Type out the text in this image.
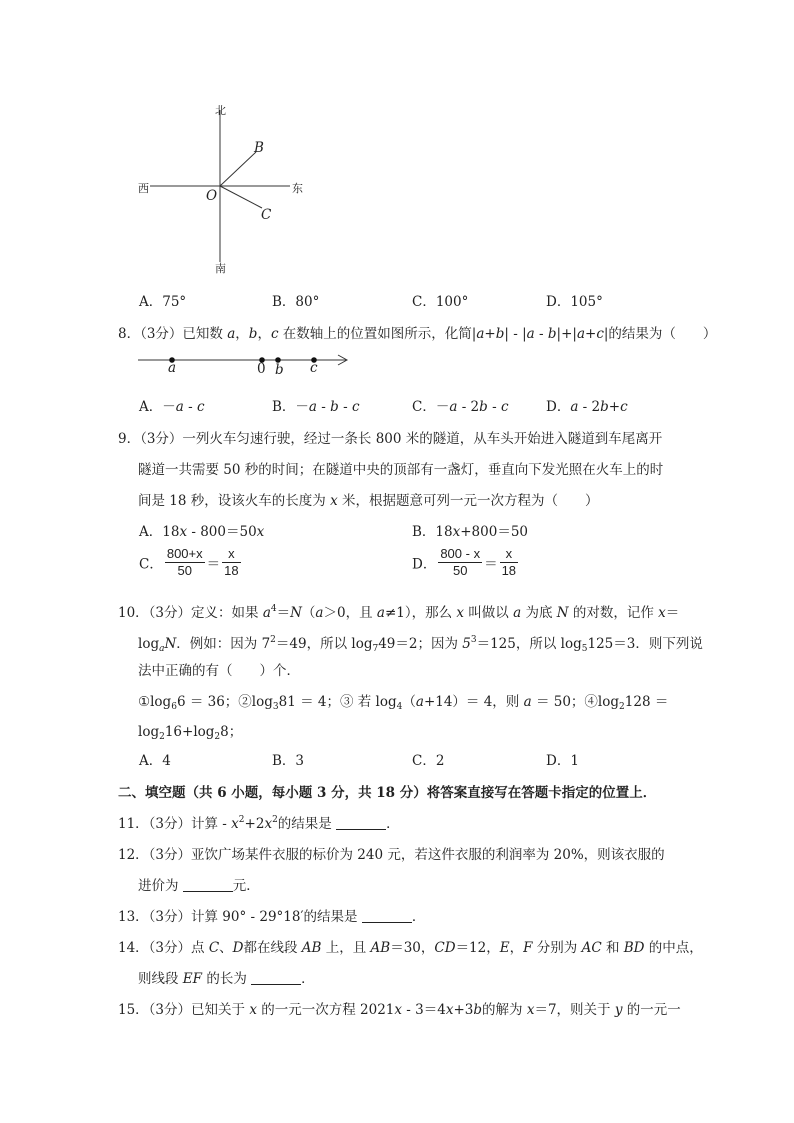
北
南
西	东
O
B
C
A．75°	B．80°	C．100°	D．105°
8．（3分）已知数 a，b，c 在数轴上的位置如图所示，化简|a+b| - |a - b|+|a+c|的结果为（　　）
a	0 b c
A．－a - c	B．－a - b - c	C．－a - 2b - c	D．a - 2b+c
9．（3分）一列火车匀速行驶，经过一条长 800 米的隧道，从车头开始进入隧道到车尾离开
隧道一共需要 50 秒的时间；在隧道中央的顶部有一盏灯，垂直向下发光照在火车上的时
间是 18 秒，设该火车的长度为 x 米，根据题意可列一元一次方程为（　　）
A．18x - 800＝50x	B．18x+800＝50
C． $\frac{800+x}{50} = \frac{x}{18}$	D． $\frac{800 - x}{50} = \frac{x}{18}$
10．（3分）定义：如果 $a^4=N(a>0$，且 a≠1），那么 x 叫做以 a 为底 N 的对数，记作 x＝
$\log_aN$．例如：因为 $7^2=49$，所以 $\log_749=2$；因为 $5^3=125$，所以 $\log_5125=3$．则下列说
法中正确的有（　　）个．
$①\log_66 = 36$；$②\log_381 = 4$；③ 若 $\log_4(a+14)= 4$，则 a ＝ 50；$④\log_2128$ ＝
$\log_216+\log_28$；
A．4	B．3	C．2	D．1
二、填空题（共 6 小题，每小题 3 分，共 18 分）将答案直接写在答题卡指定的位置上．
11．（3分）计算 - $x^2+2x^2$的结果是	．
12．（3分）亚饮广场某件衣服的标价为 240 元，若这件衣服的利润率为 20%，则该衣服的
进价为	元．
13．（3分）计算 90° - 29°18′的结果是	．
14．（3分）点 C、D都在线段 AB 上，且 AB＝30，CD＝12，E，F 分别为 AC 和 BD 的中点，
则线段 EF 的长为	．
15．（3分）已知关于 x 的一元一次方程 2021x - 3＝4x+3b的解为 x＝7，则关于 y 的一元一
